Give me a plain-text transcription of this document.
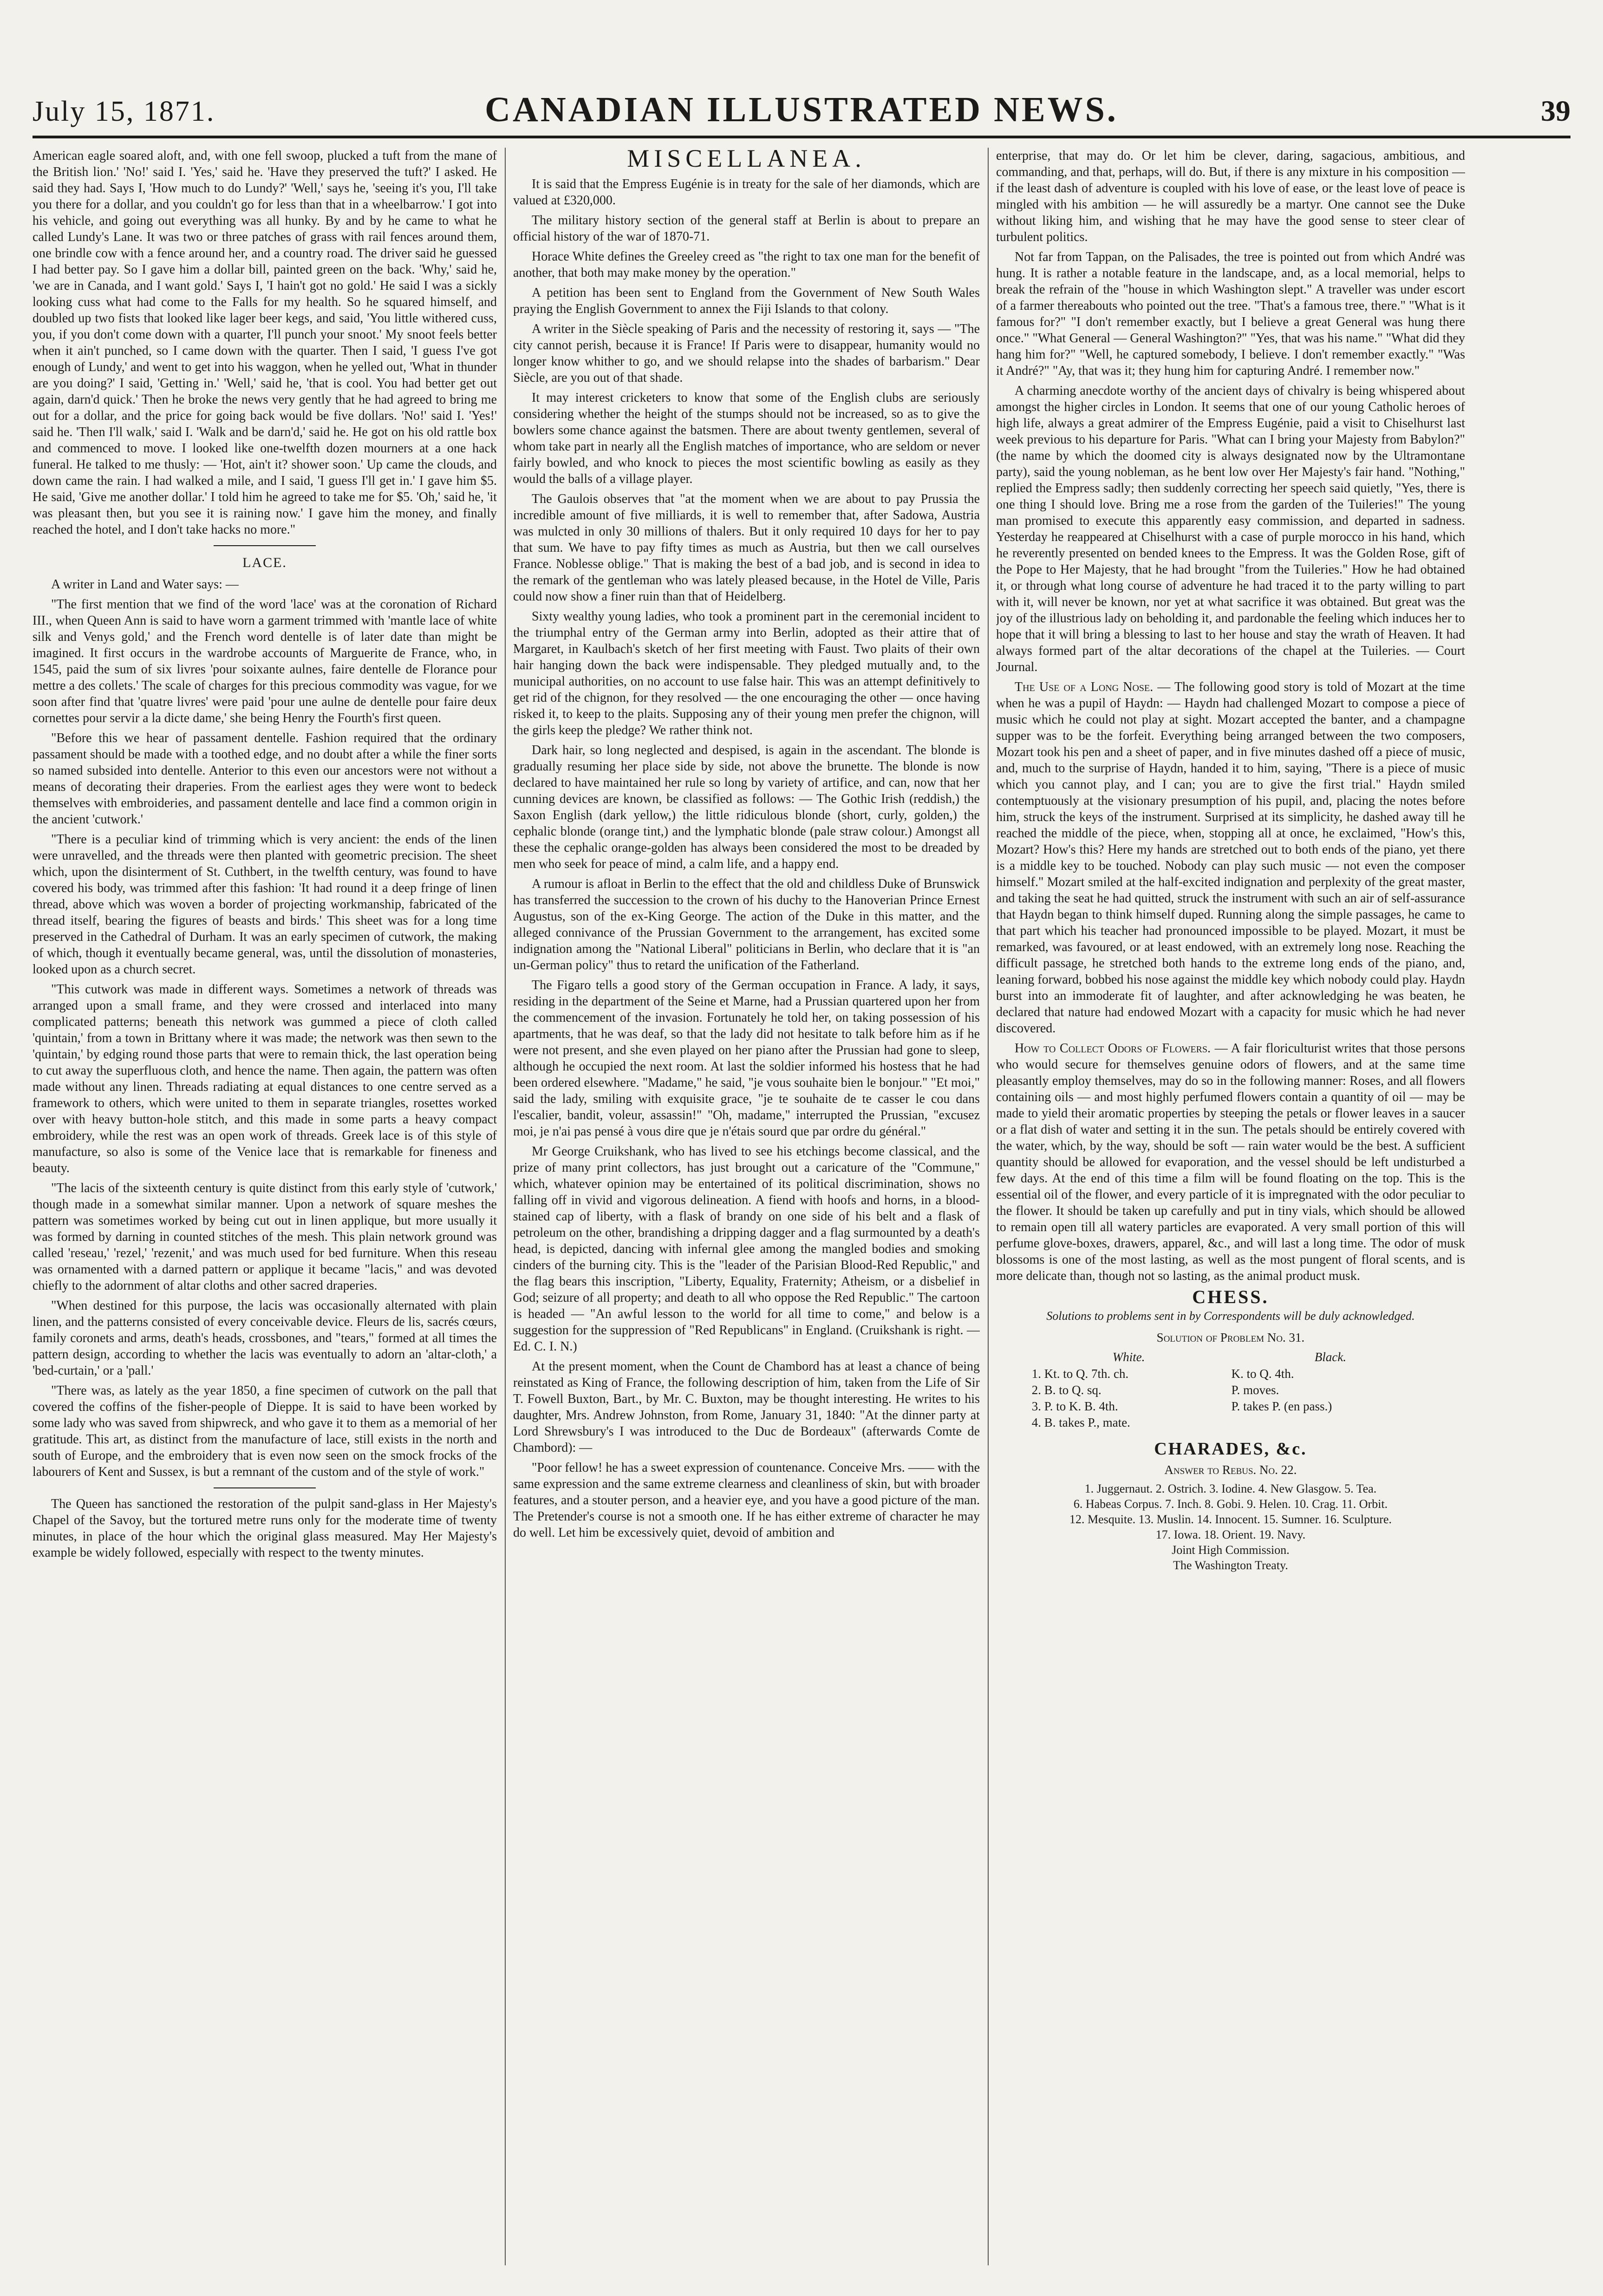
July 15, 1871.	CANADIAN ILLUSTRATED NEWS.	39

American eagle soared aloft, and, with one fell swoop, plucked a tuft from the mane of the British lion.' 'No!' said I. 'Yes,' said he. 'Have they preserved the tuft?' I asked. He said they had. Says I, 'How much to do Lundy?' 'Well,' says he, 'seeing it's you, I'll take you there for a dollar, and you couldn't go for less than that in a wheelbarrow.' I got into his vehicle, and going out everything was all hunky. By and by he came to what he called Lundy's Lane. It was two or three patches of grass with rail fences around them, one brindle cow with a fence around her, and a country road. The driver said he guessed I had better pay. So I gave him a dollar bill, painted green on the back. 'Why,' said he, 'we are in Canada, and I want gold.' Says I, 'I hain't got no gold.' He said I was a sickly looking cuss what had come to the Falls for my health. So he squared himself, and doubled up two fists that looked like lager beer kegs, and said, 'You little withered cuss, you, if you don't come down with a quarter, I'll punch your snoot.' My snoot feels better when it ain't punched, so I came down with the quarter. Then I said, 'I guess I've got enough of Lundy,' and went to get into his waggon, when he yelled out, 'What in thunder are you doing?' I said, 'Getting in.' 'Well,' said he, 'that is cool. You had better get out again, darn'd quick.' Then he broke the news very gently that he had agreed to bring me out for a dollar, and the price for going back would be five dollars. 'No!' said I. 'Yes!' said he. 'Then I'll walk,' said I. 'Walk and be darn'd,' said he. He got on his old rattle box and commenced to move. I looked like one-twelfth dozen mourners at a one hack funeral. He talked to me thusly: — 'Hot, ain't it? shower soon.' Up came the clouds, and down came the rain. I had walked a mile, and I said, 'I guess I'll get in.' I gave him $5. He said, 'Give me another dollar.' I told him he agreed to take me for $5. 'Oh,' said he, 'it was pleasant then, but you see it is raining now.' I gave him the money, and finally reached the hotel, and I don't take hacks no more."

LACE.

A writer in Land and Water says: —

"The first mention that we find of the word 'lace' was at the coronation of Richard III., when Queen Ann is said to have worn a garment trimmed with 'mantle lace of white silk and Venys gold,' and the French word dentelle is of later date than might be imagined. It first occurs in the wardrobe accounts of Marguerite de France, who, in 1545, paid the sum of six livres 'pour soixante aulnes, faire dentelle de Florance pour mettre a des collets.' The scale of charges for this precious commodity was vague, for we soon after find that 'quatre livres' were paid 'pour une aulne de dentelle pour faire deux cornettes pour servir a la dicte dame,' she being Henry the Fourth's first queen.

"Before this we hear of passament dentelle. Fashion required that the ordinary passament should be made with a toothed edge, and no doubt after a while the finer sorts so named subsided into dentelle. Anterior to this even our ancestors were not without a means of decorating their draperies. From the earliest ages they were wont to bedeck themselves with embroideries, and passament dentelle and lace find a common origin in the ancient 'cutwork.'

"There is a peculiar kind of trimming which is very ancient: the ends of the linen were unravelled, and the threads were then planted with geometric precision. The sheet which, upon the disinterment of St. Cuthbert, in the twelfth century, was found to have covered his body, was trimmed after this fashion: 'It had round it a deep fringe of linen thread, above which was woven a border of projecting workmanship, fabricated of the thread itself, bearing the figures of beasts and birds.' This sheet was for a long time preserved in the Cathedral of Durham. It was an early specimen of cutwork, the making of which, though it eventually became general, was, until the dissolution of monasteries, looked upon as a church secret.

"This cutwork was made in different ways. Sometimes a network of threads was arranged upon a small frame, and they were crossed and interlaced into many complicated patterns; beneath this network was gummed a piece of cloth called 'quintain,' from a town in Brittany where it was made; the network was then sewn to the 'quintain,' by edging round those parts that were to remain thick, the last operation being to cut away the superfluous cloth, and hence the name. Then again, the pattern was often made without any linen. Threads radiating at equal distances to one centre served as a framework to others, which were united to them in separate triangles, rosettes worked over with heavy button-hole stitch, and this made in some parts a heavy compact embroidery, while the rest was an open work of threads. Greek lace is of this style of manufacture, so also is some of the Venice lace that is remarkable for fineness and beauty.

"The lacis of the sixteenth century is quite distinct from this early style of 'cutwork,' though made in a somewhat similar manner. Upon a network of square meshes the pattern was sometimes worked by being cut out in linen applique, but more usually it was formed by darning in counted stitches of the mesh. This plain network ground was called 'reseau,' 'rezel,' 'rezenit,' and was much used for bed furniture. When this reseau was ornamented with a darned pattern or applique it became "lacis," and was devoted chiefly to the adornment of altar cloths and other sacred draperies.

"When destined for this purpose, the lacis was occasionally alternated with plain linen, and the patterns consisted of every conceivable device. Fleurs de lis, sacrés cœurs, family coronets and arms, death's heads, crossbones, and "tears," formed at all times the pattern design, according to whether the lacis was eventually to adorn an 'altar-cloth,' a 'bed-curtain,' or a 'pall.'

"There was, as lately as the year 1850, a fine specimen of cutwork on the pall that covered the coffins of the fisher-people of Dieppe. It is said to have been worked by some lady who was saved from shipwreck, and who gave it to them as a memorial of her gratitude. This art, as distinct from the manufacture of lace, still exists in the north and south of Europe, and the embroidery that is even now seen on the smock frocks of the labourers of Kent and Sussex, is but a remnant of the custom and of the style of work."

The Queen has sanctioned the restoration of the pulpit sand-glass in Her Majesty's Chapel of the Savoy, but the tortured metre runs only for the moderate time of twenty minutes, in place of the hour which the original glass measured. May Her Majesty's example be widely followed, especially with respect to the twenty minutes.

MISCELLANEA.

It is said that the Empress Eugénie is in treaty for the sale of her diamonds, which are valued at £320,000.

The military history section of the general staff at Berlin is about to prepare an official history of the war of 1870-71.

Horace White defines the Greeley creed as "the right to tax one man for the benefit of another, that both may make money by the operation."

A petition has been sent to England from the Government of New South Wales praying the English Government to annex the Fiji Islands to that colony.

A writer in the Siècle speaking of Paris and the necessity of restoring it, says — "The city cannot perish, because it is France! If Paris were to disappear, humanity would no longer know whither to go, and we should relapse into the shades of barbarism." Dear Siècle, are you out of that shade.

It may interest cricketers to know that some of the English clubs are seriously considering whether the height of the stumps should not be increased, so as to give the bowlers some chance against the batsmen. There are about twenty gentlemen, several of whom take part in nearly all the English matches of importance, who are seldom or never fairly bowled, and who knock to pieces the most scientific bowling as easily as they would the balls of a village player.

The Gaulois observes that "at the moment when we are about to pay Prussia the incredible amount of five milliards, it is well to remember that, after Sadowa, Austria was mulcted in only 30 millions of thalers. But it only required 10 days for her to pay that sum. We have to pay fifty times as much as Austria, but then we call ourselves France. Noblesse oblige." That is making the best of a bad job, and is second in idea to the remark of the gentleman who was lately pleased because, in the Hotel de Ville, Paris could now show a finer ruin than that of Heidelberg.

Sixty wealthy young ladies, who took a prominent part in the ceremonial incident to the triumphal entry of the German army into Berlin, adopted as their attire that of Margaret, in Kaulbach's sketch of her first meeting with Faust. Two plaits of their own hair hanging down the back were indispensable. They pledged mutually and, to the municipal authorities, on no account to use false hair. This was an attempt definitively to get rid of the chignon, for they resolved — the one encouraging the other — once having risked it, to keep to the plaits. Supposing any of their young men prefer the chignon, will the girls keep the pledge? We rather think not.

Dark hair, so long neglected and despised, is again in the ascendant. The blonde is gradually resuming her place side by side, not above the brunette. The blonde is now declared to have maintained her rule so long by variety of artifice, and can, now that her cunning devices are known, be classified as follows: — The Gothic Irish (reddish,) the Saxon English (dark yellow,) the little ridiculous blonde (short, curly, golden,) the cephalic blonde (orange tint,) and the lymphatic blonde (pale straw colour.) Amongst all these the cephalic orange-golden has always been considered the most to be dreaded by men who seek for peace of mind, a calm life, and a happy end.

A rumour is afloat in Berlin to the effect that the old and childless Duke of Brunswick has transferred the succession to the crown of his duchy to the Hanoverian Prince Ernest Augustus, son of the ex-King George. The action of the Duke in this matter, and the alleged connivance of the Prussian Government to the arrangement, has excited some indignation among the "National Liberal" politicians in Berlin, who declare that it is "an un-German policy" thus to retard the unification of the Fatherland.

The Figaro tells a good story of the German occupation in France. A lady, it says, residing in the department of the Seine et Marne, had a Prussian quartered upon her from the commencement of the invasion. Fortunately he told her, on taking possession of his apartments, that he was deaf, so that the lady did not hesitate to talk before him as if he were not present, and she even played on her piano after the Prussian had gone to sleep, although he occupied the next room. At last the soldier informed his hostess that he had been ordered elsewhere. "Madame," he said, "je vous souhaite bien le bonjour." "Et moi," said the lady, smiling with exquisite grace, "je te souhaite de te casser le cou dans l'escalier, bandit, voleur, assassin!" "Oh, madame," interrupted the Prussian, "excusez moi, je n'ai pas pensé à vous dire que je n'étais sourd que par ordre du général."

Mr George Cruikshank, who has lived to see his etchings become classical, and the prize of many print collectors, has just brought out a caricature of the "Commune," which, whatever opinion may be entertained of its political discrimination, shows no falling off in vivid and vigorous delineation. A fiend with hoofs and horns, in a blood-stained cap of liberty, with a flask of brandy on one side of his belt and a flask of petroleum on the other, brandishing a dripping dagger and a flag surmounted by a death's head, is depicted, dancing with infernal glee among the mangled bodies and smoking cinders of the burning city. This is the "leader of the Parisian Blood-Red Republic," and the flag bears this inscription, "Liberty, Equality, Fraternity; Atheism, or a disbelief in God; seizure of all property; and death to all who oppose the Red Republic." The cartoon is headed — "An awful lesson to the world for all time to come," and below is a suggestion for the suppression of "Red Republicans" in England. (Cruikshank is right. — Ed. C. I. N.)

At the present moment, when the Count de Chambord has at least a chance of being reinstated as King of France, the following description of him, taken from the Life of Sir T. Fowell Buxton, Bart., by Mr. C. Buxton, may be thought interesting. He writes to his daughter, Mrs. Andrew Johnston, from Rome, January 31, 1840: "At the dinner party at Lord Shrewsbury's I was introduced to the Duc de Bordeaux" (afterwards Comte de Chambord): —

"Poor fellow! he has a sweet expression of countenance. Conceive Mrs. —— with the same expression and the same extreme clearness and cleanliness of skin, but with broader features, and a stouter person, and a heavier eye, and you have a good picture of the man. The Pretender's course is not a smooth one. If he has either extreme of character he may do well. Let him be excessively quiet, devoid of ambition and

enterprise, that may do. Or let him be clever, daring, sagacious, ambitious, and commanding, and that, perhaps, will do. But, if there is any mixture in his composition — if the least dash of adventure is coupled with his love of ease, or the least love of peace is mingled with his ambition — he will assuredly be a martyr. One cannot see the Duke without liking him, and wishing that he may have the good sense to steer clear of turbulent politics.

Not far from Tappan, on the Palisades, the tree is pointed out from which André was hung. It is rather a notable feature in the landscape, and, as a local memorial, helps to break the refrain of the "house in which Washington slept." A traveller was under escort of a farmer thereabouts who pointed out the tree. "That's a famous tree, there." "What is it famous for?" "I don't remember exactly, but I believe a great General was hung there once." "What General — General Washington?" "Yes, that was his name." "What did they hang him for?" "Well, he captured somebody, I believe. I don't remember exactly." "Was it André?" "Ay, that was it; they hung him for capturing André. I remember now."

A charming anecdote worthy of the ancient days of chivalry is being whispered about amongst the higher circles in London. It seems that one of our young Catholic heroes of high life, always a great admirer of the Empress Eugénie, paid a visit to Chiselhurst last week previous to his departure for Paris. "What can I bring your Majesty from Babylon?" (the name by which the doomed city is always designated now by the Ultramontane party), said the young nobleman, as he bent low over Her Majesty's fair hand. "Nothing," replied the Empress sadly; then suddenly correcting her speech said quietly, "Yes, there is one thing I should love. Bring me a rose from the garden of the Tuileries!" The young man promised to execute this apparently easy commission, and departed in sadness. Yesterday he reappeared at Chiselhurst with a case of purple morocco in his hand, which he reverently presented on bended knees to the Empress. It was the Golden Rose, gift of the Pope to Her Majesty, that he had brought "from the Tuileries." How he had obtained it, or through what long course of adventure he had traced it to the party willing to part with it, will never be known, nor yet at what sacrifice it was obtained. But great was the joy of the illustrious lady on beholding it, and pardonable the feeling which induces her to hope that it will bring a blessing to last to her house and stay the wrath of Heaven. It had always formed part of the altar decorations of the chapel at the Tuileries. — Court Journal.

The Use of a Long Nose. — The following good story is told of Mozart at the time when he was a pupil of Haydn: — Haydn had challenged Mozart to compose a piece of music which he could not play at sight. Mozart accepted the banter, and a champagne supper was to be the forfeit. Everything being arranged between the two composers, Mozart took his pen and a sheet of paper, and in five minutes dashed off a piece of music, and, much to the surprise of Haydn, handed it to him, saying, "There is a piece of music which you cannot play, and I can; you are to give the first trial." Haydn smiled contemptuously at the visionary presumption of his pupil, and, placing the notes before him, struck the keys of the instrument. Surprised at its simplicity, he dashed away till he reached the middle of the piece, when, stopping all at once, he exclaimed, "How's this, Mozart? How's this? Here my hands are stretched out to both ends of the piano, yet there is a middle key to be touched. Nobody can play such music — not even the composer himself." Mozart smiled at the half-excited indignation and perplexity of the great master, and taking the seat he had quitted, struck the instrument with such an air of self-assurance that Haydn began to think himself duped. Running along the simple passages, he came to that part which his teacher had pronounced impossible to be played. Mozart, it must be remarked, was favoured, or at least endowed, with an extremely long nose. Reaching the difficult passage, he stretched both hands to the extreme long ends of the piano, and, leaning forward, bobbed his nose against the middle key which nobody could play. Haydn burst into an immoderate fit of laughter, and after acknowledging he was beaten, he declared that nature had endowed Mozart with a capacity for music which he had never discovered.

How to Collect Odors of Flowers. — A fair floriculturist writes that those persons who would secure for themselves genuine odors of flowers, and at the same time pleasantly employ themselves, may do so in the following manner: Roses, and all flowers containing oils — and most highly perfumed flowers contain a quantity of oil — may be made to yield their aromatic properties by steeping the petals or flower leaves in a saucer or a flat dish of water and setting it in the sun. The petals should be entirely covered with the water, which, by the way, should be soft — rain water would be the best. A sufficient quantity should be allowed for evaporation, and the vessel should be left undisturbed a few days. At the end of this time a film will be found floating on the top. This is the essential oil of the flower, and every particle of it is impregnated with the odor peculiar to the flower. It should be taken up carefully and put in tiny vials, which should be allowed to remain open till all watery particles are evaporated. A very small portion of this will perfume glove-boxes, drawers, apparel, &c., and will last a long time. The odor of musk blossoms is one of the most lasting, as well as the most pungent of floral scents, and is more delicate than, though not so lasting, as the animal product musk.

CHESS.
Solutions to problems sent in by Correspondents will be duly acknowledged.
Solution of Problem No. 31.
White.	Black.
1. Kt. to Q. 7th. ch.	K. to Q. 4th.
2. B. to Q. sq.	P. moves.
3. P. to K. B. 4th.	P. takes P. (en pass.)
4. B. takes P., mate.	
CHARADES, &c.
Answer to Rebus. No. 22.
1. Juggernaut. 2. Ostrich. 3. Iodine. 4. New Glasgow. 5. Tea.
6. Habeas Corpus. 7. Inch. 8. Gobi. 9. Helen. 10. Crag. 11. Orbit.
12. Mesquite. 13. Muslin. 14. Innocent. 15. Sumner. 16. Sculpture.
17. Iowa. 18. Orient. 19. Navy.
Joint High Commission.
The Washington Treaty.
